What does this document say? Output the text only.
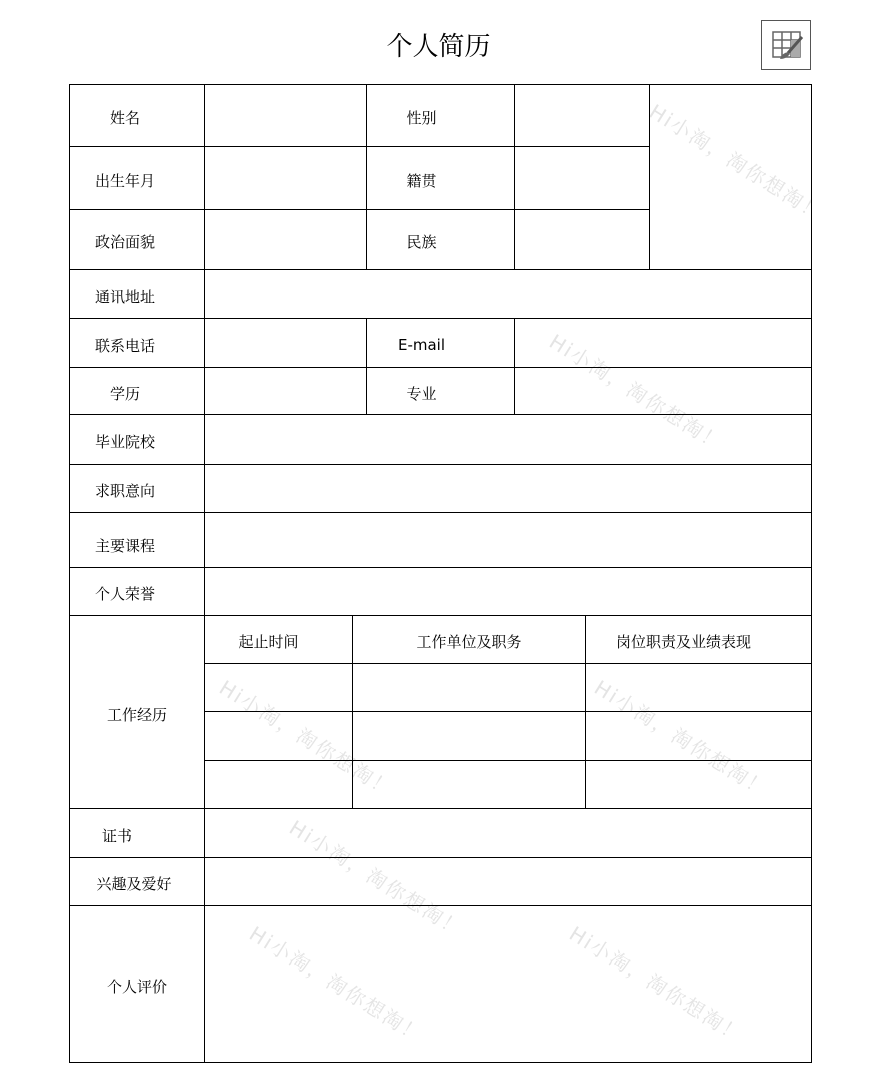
个人简历
Hi小淘，淘你想淘！
Hi小淘，淘你想淘！
Hi小淘，淘你想淘！	Hi小淘，淘你想淘！
Hi小淘，淘你想淘！
Hi小淘，淘你想淘！	Hi小淘，淘你想淘！
姓名	性别
出生年月	籍贯
政治面貌	民族
通讯地址
联系电话	E-mail
学历	专业
毕业院校
求职意向
主要课程
个人荣誉
工作经历
起止时间	工作单位及职务	岗位职责及业绩表现
证书
兴趣及爱好
个人评价
